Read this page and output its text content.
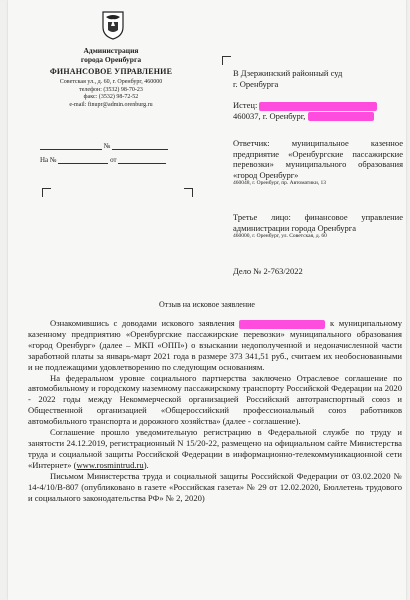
Администрация
города Оренбурга
ФИНАНСОВОЕ УПРАВЛЕНИЕ
Советская ул., д. 60, г. Оренбург, 460000
телефон: (3532) 98-70-23
факс: (3532) 98-72-52
e-mail: finupr@admin.orenburg.ru
№
На №	от
В Дзержинский районный суд
г. Оренбурга
Истец:
460037, г. Оренбург,
Ответчик:	муниципальное казенное предприятие «Оренбургские пассажирские перевозки» муниципального образования «город Оренбург»
460048, г. Оренбург, пр. Автоматики, 13
Третье лицо: финансовое управление администрации города Оренбурга
460000, г. Оренбург, ул. Советская, д. 60
Дело № 2-763/2022
Отзыв на исковое заявление

Ознакомившись с доводами искового заявления	к муниципальному казенному предприятию «Оренбургские пассажирские перевозки» муниципального образования «город Оренбург» (далее – МКП «ОПП») о взыскании недополученной и недоначисленной части заработной платы за январь-март 2021 года в размере 373 341,51 руб., считаем их необоснованными и не подлежащими удовлетворению по следующим основаниям.

На федеральном уровне социального партнерства заключено Отраслевое соглашение по автомобильному и городскому наземному пассажирскому транспорту Российской Федерации на 2020 - 2022 годы между Некоммерческой организацией Российский автотранспортный союз и Общественной организацией «Общероссийский профессиональный союз работников автомобильного транспорта и дорожного хозяйства» (далее - соглашение).

Соглашение прошло уведомительную регистрацию в Федеральной службе по труду и занятости 24.12.2019, регистрационный N 15/20-22, размещено на официальном сайте Министерства труда и социальной защиты Российской Федерации в информационно-телекоммуникационной сети «Интернет» (www.rosmintrud.ru).

Письмом Министерства труда и социальной защиты Российской Федерации от 03.02.2020 № 14-4/10/В-807 (опубликовано в газете «Российская газета» № 29 от 12.02.2020, Бюллетень трудового и социального законодательства РФ» № 2, 2020)
